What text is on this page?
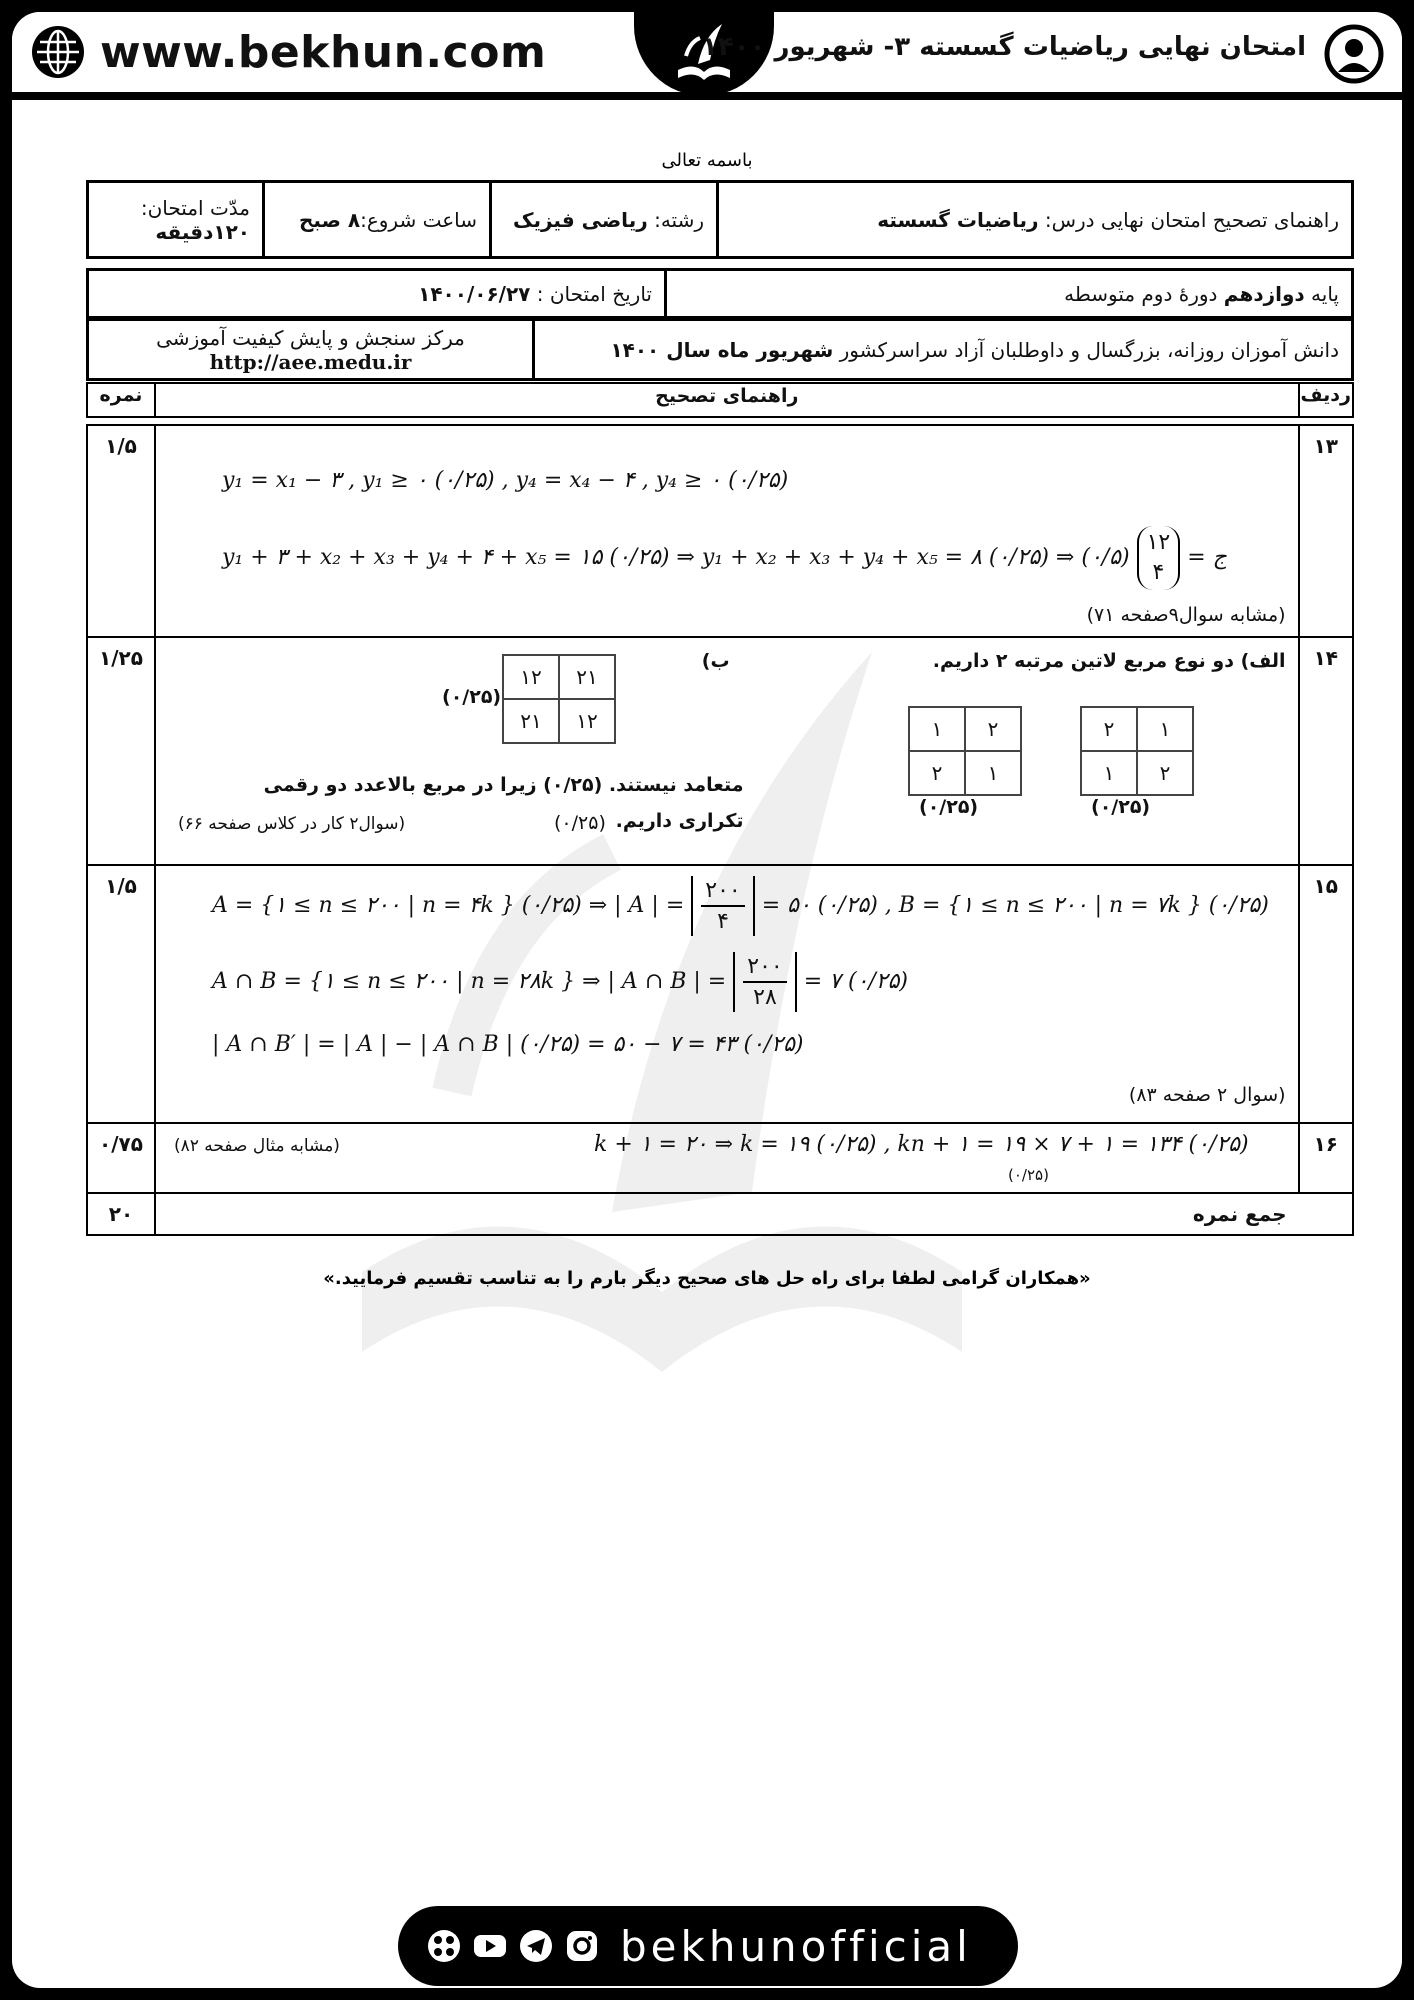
www.bekhun.com	امتحان نهایی ریاضیات گسسته ۳- شهریور ۱۴۰۰
باسمه تعالی
راهنمای تصحیح امتحان نهایی درس: ریاضیات گسسته	رشته: ریاضی فیزیک	ساعت شروع:۸ صبح	مدّت امتحان: ۱۲۰دقیقه
پایه دوازدهم دورهٔ دوم متوسطه	تاریخ امتحان : ۱۴۰۰/۰۶/۲۷
دانش آموزان روزانه، بزرگسال و داوطلبان آزاد سراسرکشور شهریور ماه سال ۱۴۰۰	
مرکز سنجش و پایش کیفیت آموزشی
http://aee.medu.ir
ردیف	راهنمای تصحیح	نمره

۱۳	
y₁ = x₁ − ۳ , y₁ ≥ ۰ (۰/۲۵) , y₄ = x₄ − ۴ , y₄ ≥ ۰ (۰/۲۵)
y₁ + ۳ + x₂ + x₃ + y₄ + ۴ + x₅ = ۱۵ (۰/۲۵) ⇒ y₁ + x₂ + x₃ + y₄ + x₅ = ۸ (۰/۲۵) ⇒ ج =
۱۲
۴
(۰/۵)
(مشابه سوال۹صفحه ۷۱)
	۱/۵
۱۴	
الف) دو نوع مربع لاتین مرتبه ۲ داریم.
ب)
۲	۱
۱	۲
(۰/۲۵)
۱	۲
۲	۱
(۰/۲۵)
۱۲	۲۱
۲۱	۱۲
(۰/۲۵)
متعامد نیستند. (۰/۲۵) زیرا در مربع بالاعدد دو رقمی
تکراری داریم.
(۰/۲۵)
(سوال۲ کار در کلاس صفحه ۶۶)
	۱/۲۵
۱۵	
A = {۱ ≤ n ≤ ۲۰۰ | n = ۴k } (۰/۲۵) ⇒ | A | = $\frac{۲۰۰}{۴}$ = ۵۰ (۰/۲۵) , B = {۱ ≤ n ≤ ۲۰۰ | n = ۷k } (۰/۲۵)
A ∩ B = {۱ ≤ n ≤ ۲۰۰ | n = ۲۸k } ⇒ | A ∩ B | = $\frac{۲۰۰}{۲۸}$ = ۷ (۰/۲۵)
| A ∩ B′ | = | A | − | A ∩ B | (۰/۲۵) = ۵۰ − ۷ = ۴۳ (۰/۲۵)
(سوال ۲ صفحه ۸۳)
	۱/۵
۱۶	
k + ۱ = ۲۰ ⇒ k = ۱۹ (۰/۲۵) , kn + ۱ = ۱۹ × ۷ + ۱ = ۱۳۴ (۰/۲۵)
(۰/۲۵)
(مشابه مثال صفحه ۸۲)
	۰/۷۵
	جمع نمره	۲۰
«همکاران گرامی لطفا برای راه حل های صحیح دیگر بارم را به تناسب تقسیم فرمایید.»
bekhunofficial
